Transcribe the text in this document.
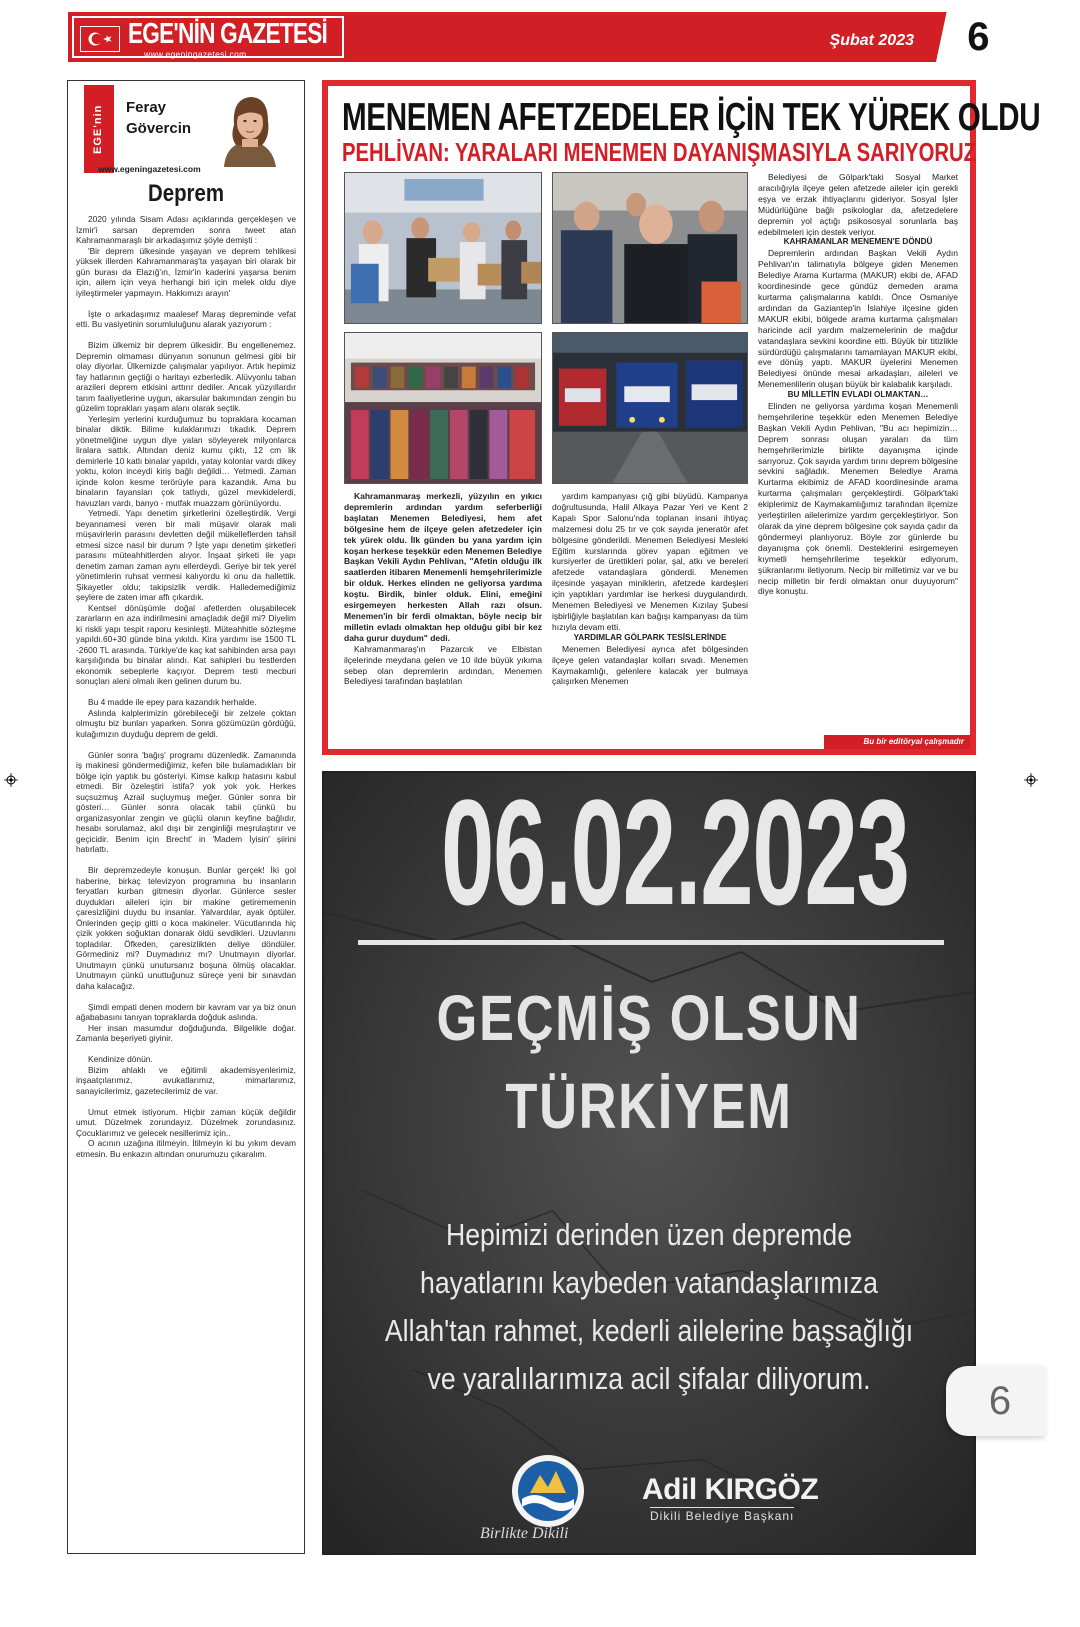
EGE'NİN GAZETESİ
www.egeningazetesi.com
Şubat 2023	6
EGE'nin GAZETESİ
Feray
Gövercin
www.egeningazetesi.com
Deprem

2020 yılında Sisam Adası açıklarında gerçekleşen ve İzmir'i sarsan depremden sonra tweet atan Kahramanmaraşlı bir arkadaşımız şöyle demişti :

'Bir deprem ülkesinde yaşayan ve deprem tehlikesi yüksek illerden Kahramanmaraş'ta yaşayan biri olarak bir gün burası da Elazığ'ın, İzmir'in kaderini yaşarsa benim için, ailem için veya herhangi biri için melek oldu diye iyileştirmeler yapmayın. Hakkımızı arayın'

İşte o arkadaşımız maalesef Maraş depreminde vefat etti. Bu vasiyetinin sorumluluğunu alarak yazıyorum :

Bizim ülkemiz bir deprem ülkesidir. Bu engellenemez. Depremin olmaması dünyanın sonunun gelmesi gibi bir olay diyorlar. Ülkemizde çalışmalar yapılıyor. Artık hepimiz fay hatlarının geçtiği o haritayı ezberledik. Alüvyonlu taban arazileri deprem etkisini arttırır dediler. Ancak yüzyıllardır tarım faaliyetlerine uygun, akarsular bakımından zengin bu güzelim toprakları yaşam alanı olarak seçtik.

Yerleşim yerlerini kurduğumuz bu topraklara kocaman binalar diktik. Bilime kulaklarımızı tıkadık. Deprem yönetmeliğine uygun diye yalan söyleyerek milyonlarca liralara sattık. Altından deniz kumu çıktı, 12 cm lik demirlerle 10 katlı binalar yapıldı, yatay kolonlar vardı dikey yoktu, kolon inceydi kiriş bağlı değildi… Yetmedi. Zaman içinde kolon kesme terörüyle para kazandık. Ama bu binaların fayansları çok tatlıydı, güzel mevkidelerdi, havuzları vardı, banyo - mutfak muazzam görünüyordu.

Yetmedi. Yapı denetim şirketlerini özelleştirdik. Vergi beyannamesi veren bir mali müşavir olarak mali müşavirlerin parasını devletten değil mükelleflerden tahsil etmesi sizce nasıl bir durum ? İşte yapı denetim şirketleri parasını müteahhitlerden alıyor. İnşaat şirketi ile yapı denetim zaman zaman aynı ellerdeydi. Geriye bir tek yerel yönetimlerin ruhsat vermesi kalıyordu ki onu da hallettik. Şikayetler oldu; takipsizlik verdik. Halledemediğimiz şeylere de zaten imar affı çıkardık.

Kentsel dönüşümle doğal afetlerden oluşabilecek zararların en aza indirilmesini amaçladık değil mi? Diyelim ki riskli yapı tespit raporu kesinleşti. Müteahhitle sözleşme yapıldı.60+30 günde bina yıkıldı. Kira yardımı ise 1500 TL -2600 TL arasında. Türkiye'de kaç kat sahibinden arsa payı karşılığında bu binalar alındı. Kat sahipleri bu testlerden ekonomik sebeplerle kaçıyor. Deprem testi mecburi sonuçları aleni olmalı iken gelinen durum bu.

Bu 4 madde ile epey para kazandık herhalde.

Aslında kalplerimizin görebileceği bir zelzele çoktan olmuştu biz bunları yaparken. Sonra gözümüzün gördüğü, kulağımızın duyduğu deprem de geldi.

Günler sonra 'bağış' programı düzenledik. Zamanında iş makinesi göndermediğimiz, kefen bile bulamadıkları bir bölge için yaptık bu gösteriyi. Kimse kalkıp hatasını kabul etmedi. Bir özeleştiri istifa? yok yok yok. Herkes suçsuzmuş Azrail suçluymuş meğer. Günler sonra bir gösteri… Günler sonra olacak tabii çünkü bu organizasyonlar zengin ve güçlü olanın keyfine bağlıdır, hesabı sorulamaz, akıl dışı bir zenginliği meşrulaştırır ve geçicidir. Benim için Brecht' in 'Madem İyisin' şiirini hatırlattı.

Bir depremzedeyle konuşun. Bunlar gerçek! İki gol haberine, birkaç televizyon programına bu insanların feryatları kurban gitmesin diyorlar. Günlerce sesler duydukları aileleri için bir makine getirememenin çaresizliğini duydu bu insanlar. Yalvardılar, ayak öptüler. Önlerinden geçip gitti o koca makineler. Vücutlarında hiç çizik yokken soğuktan donarak öldü sevdikleri. Uzuvlarını topladılar. Öfkeden, çaresizlikten deliye döndüler. Görmediniz mi? Duymadınız mı? Unutmayın diyorlar. Unutmayın çünkü unutursanız boşuna ölmüş olacaklar. Unutmayın çünkü unuttuğunuz süreçe yeni bir sınavdan daha kalacağız.

Şimdi empati denen modern bir kavram var ya biz onun ağababasını tanıyan topraklarda doğduk aslında.

Her insan masumdur doğduğunda. Bilgelikle doğar. Zamanla beşeriyeti giyinir.

Kendinize dönün.

Bizim ahlaklı ve eğitimli akademisyenlerimiz, inşaatçılarımız, avukatlarımız, mimarlarımız, sanayicilerimiz, gazetecilerimiz de var.

Umut etmek istiyorum. Hiçbir zaman küçük değildir umut. Düzelmek zorundayız. Düzelmek zorundasınız. Çocuklarımız ve gelecek nesillerimiz için..

O acının uzağına itilmeyin. İtilmeyin ki bu yıkım devam etmesin. Bu enkazın altından onurumuzu çıkaralım.

MENEMEN AFETZEDELER İÇİN TEK YÜREK OLDU
PEHLİVAN: YARALARI MENEMEN DAYANIŞMASIYLA SARIYORUZ

Kahramanmaraş merkezli, yüzyılın en yıkıcı depremlerin ardından yardım seferberliği başlatan Menemen Belediyesi, hem afet bölgesine hem de ilçeye gelen afetzedeler için tek yürek oldu. İlk günden bu yana yardım için koşan herkese teşekkür eden Menemen Belediye Başkan Vekili Aydın Pehlivan, "Afetin olduğu ilk saatlerden itibaren Menemenli hemşehrilerimizle bir olduk. Herkes elinden ne geliyorsa yardıma koştu. Birdik, binler olduk. Elini, emeğini esirgemeyen herkesten Allah razı olsun. Menemen'in bir ferdi olmaktan, böyle necip bir milletin evladı olmaktan hep olduğu gibi bir kez daha gurur duydum" dedi.

Kahramanmaraş'ın Pazarcık ve Elbistan ilçelerinde meydana gelen ve 10 ilde büyük yıkıma sebep olan depremlerin ardından, Menemen Belediyesi tarafından başlatılan

yardım kampanyası çığ gibi büyüdü. Kampanya doğrultusunda, Halil Alkaya Pazar Yeri ve Kent 2 Kapalı Spor Salonu'nda toplanan insani ihtiyaç malzemesi dolu 25 tır ve çok sayıda jeneratör afet bölgesine gönderildi. Menemen Belediyesi Mesleki Eğitim kurslarında görev yapan eğitmen ve kursiyerler de ürettikleri polar, şal, atkı ve bereleri afetzede vatandaşlara gönderdi. Menemen ilçesinde yaşayan miniklerin, afetzede kardeşleri için yaptıkları yardımlar ise herkesi duygulandırdı. Menemen Belediyesi ve Menemen Kızılay Şubesi işbirliğiyle başlatılan kan bağışı kampanyası da tüm hızıyla devam etti.

YARDIMLAR GÖLPARK TESİSLERİNDE

Menemen Belediyesi ayrıca afet bölgesinden ilçeye gelen vatandaşlar kolları sıvadı. Menemen Kaymakamlığı, gelenlere kalacak yer bulmaya çalışırken Menemen

Belediyesi de Gölpark'taki Sosyal Market aracılığıyla ilçeye gelen afetzede aileler için gerekli eşya ve erzak ihtiyaçlarını gideriyor. Sosyal İşler Müdürlüğüne bağlı psikologlar da, afetzedelere depremin yol açtığı psikososyal sorunlarla baş edebilmeleri için destek veriyor.

KAHRAMANLAR MENEMEN'E DÖNDÜ

Depremlerin ardından Başkan Vekili Aydın Pehlivan'ın talimatıyla bölgeye giden Menemen Belediye Arama Kurtarma (MAKUR) ekibi de, AFAD koordinesinde gece gündüz demeden arama kurtarma çalışmalarına katıldı. Önce Osmaniye ardından da Gaziantep'in İslahiye ilçesine giden MAKUR ekibi, bölgede arama kurtarma çalışmaları haricinde acil yardım malzemelerinin de mağdur vatandaşlara sevkini koordine etti. Büyük bir titizlikle sürdürdüğü çalışmalarını tamamlayan MAKUR ekibi, eve dönüş yaptı. MAKUR üyelerini Menemen Belediyesi önünde mesai arkadaşları, aileleri ve Menemenlilerin oluşan büyük bir kalabalık karşıladı.

BU MİLLETİN EVLADI OLMAKTAN…

Elinden ne geliyorsa yardıma koşan Menemenli hemşehrilerine teşekkür eden Menemen Belediye Başkan Vekili Aydın Pehlivan, "Bu acı hepimizin… Deprem sonrası oluşan yaraları da tüm hemşehrilerimizle birlikte dayanışma içinde sarıyoruz. Çok sayıda yardım tırını deprem bölgesine sevkini sağladık. Menemen Belediye Arama Kurtarma ekibimiz de AFAD koordinesinde arama kurtarma çalışmaları gerçekleştirdi. Gölpark'taki ekiplerimiz de Kaymakamlığımız tarafından ilçemize yerleştirilen ailelerimize yardım gerçekleştiriyor. Son olarak da yine deprem bölgesine çok sayıda çadır da göndermeyi planlıyoruz. Böyle zor günlerde bu dayanışma çok önemli. Desteklerini esirgemeyen kıymetli hemşehrilerime teşekkür ediyorum, şükranlarımı iletiyorum. Necip bir milletimiz var ve bu necip milletin bir ferdi olmaktan onur duyuyorum" diye konuştu.

Bu bir editöryal çalışmadır
06.02.2023
GEÇMİŞ OLSUN
TÜRKİYEM
Hepimizi derinden üzen depremde
hayatlarını kaybeden vatandaşlarımıza
Allah'tan rahmet, kederli ailelerine başsağlığı
ve yaralılarımıza acil şifalar diliyorum.
Birlikte Dikili
Adil KIRGÖZ
Dikili Belediye Başkanı
6
